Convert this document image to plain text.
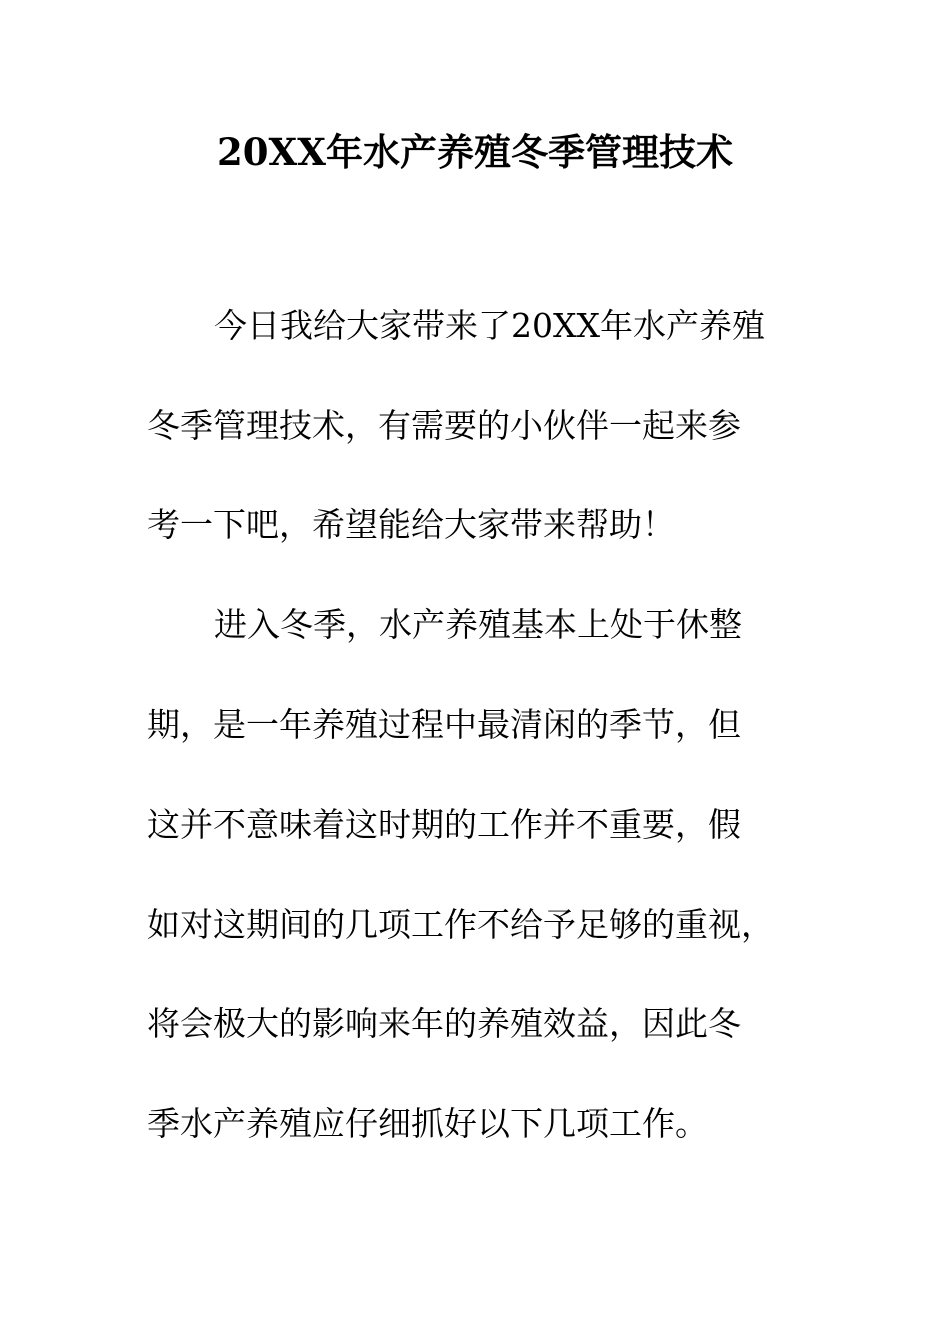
20XX年水产养殖冬季管理技术
今日我给大家带来了20XX年水产养殖
冬季管理技术，有需要的小伙伴一起来参
考一下吧，希望能给大家带来帮助！
进入冬季，水产养殖基本上处于休整
期，是一年养殖过程中最清闲的季节，但
这并不意味着这时期的工作并不重要，假
如对这期间的几项工作不给予足够的重视，
将会极大的影响来年的养殖效益，因此冬
季水产养殖应仔细抓好以下几项工作。
